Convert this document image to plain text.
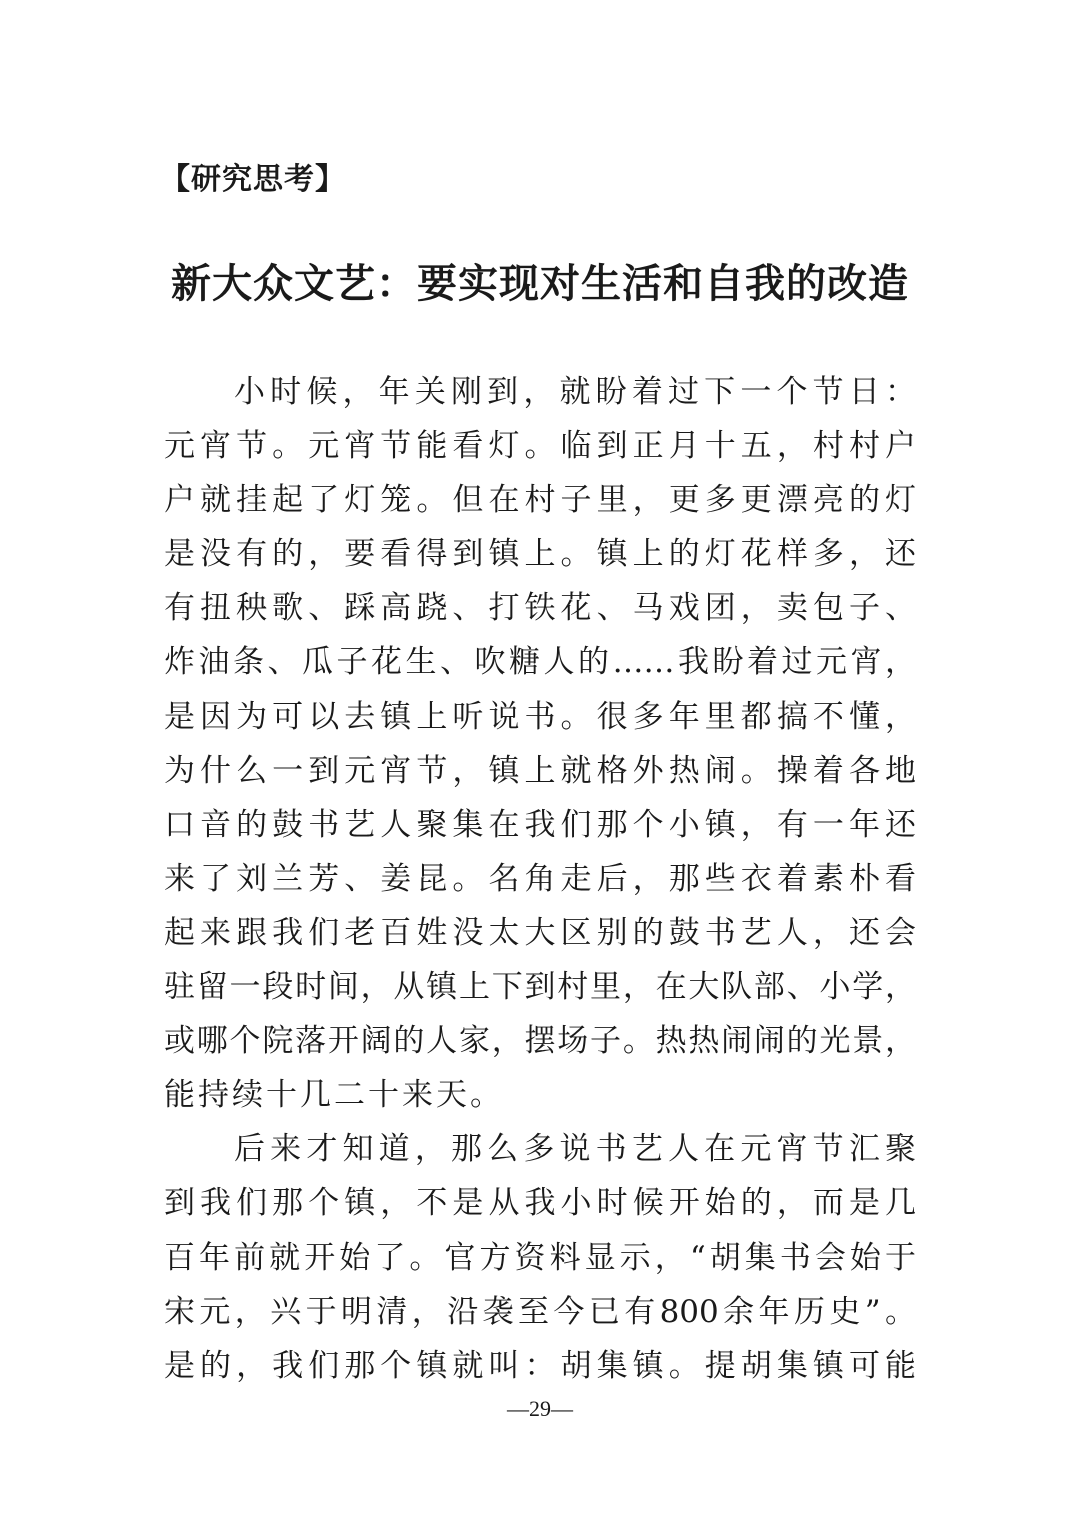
【研究思考】
新大众文艺：要实现对生活和自我的改造
小时候，年关刚到，就盼着过下一个节日：
元宵节。元宵节能看灯。临到正月十五，村村户
户就挂起了灯笼。但在村子里，更多更漂亮的灯
是没有的，要看得到镇上。镇上的灯花样多，还
有扭秧歌、踩高跷、打铁花、马戏团，卖包子、
炸油条、瓜子花生、吹糖人的……我盼着过元宵，
是因为可以去镇上听说书。很多年里都搞不懂，
为什么一到元宵节，镇上就格外热闹。操着各地
口音的鼓书艺人聚集在我们那个小镇，有一年还
来了刘兰芳、姜昆。名角走后，那些衣着素朴看
起来跟我们老百姓没太大区别的鼓书艺人，还会
驻留一段时间，从镇上下到村里，在大队部、小学，
或哪个院落开阔的人家，摆场子。热热闹闹的光景，
能持续十几二十来天。
后来才知道，那么多说书艺人在元宵节汇聚
到我们那个镇，不是从我小时候开始的，而是几
百年前就开始了。官方资料显示，“胡集书会始于
宋元，兴于明清，沿袭至今已有800余年历史”。
是的，我们那个镇就叫：胡集镇。提胡集镇可能
—29—
